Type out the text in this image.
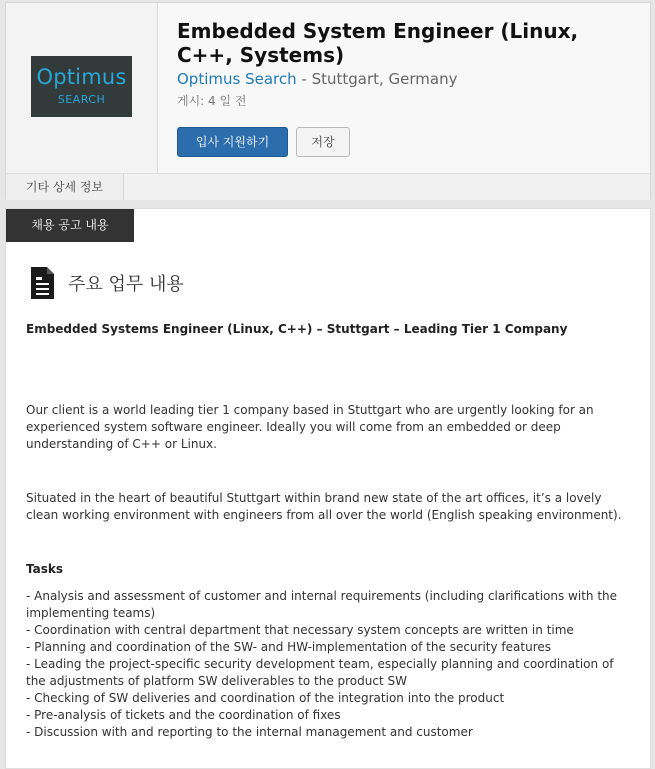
Optimus
SEARCH
Embedded System Engineer (Linux, C++, Systems)
Optimus Search - Stuttgart, Germany
게시: 4 일 전
입사 지원하기	저장
기타 상세 정보
채용 공고 내용
주요 업무 내용

Embedded Systems Engineer (Linux, C++) – Stuttgart – Leading Tier 1 Company

Our client is a world leading tier 1 company based in Stuttgart who are urgently looking for an experienced system software engineer. Ideally you will come from an embedded or deep understanding of C++ or Linux.

Situated in the heart of beautiful Stuttgart within brand new state of the art offices, it’s a lovely clean working environment with engineers from all over the world (English speaking environment).

Tasks

- Analysis and assessment of customer and internal requirements (including clarifications with the implementing teams)

- Coordination with central department that necessary system concepts are written in time

- Planning and coordination of the SW- and HW-implementation of the security features

- Leading the project-specific security development team, especially planning and coordination of the adjustments of platform SW deliverables to the product SW

- Checking of SW deliveries and coordination of the integration into the product

- Pre-analysis of tickets and the coordination of fixes

- Discussion with and reporting to the internal management and customer
